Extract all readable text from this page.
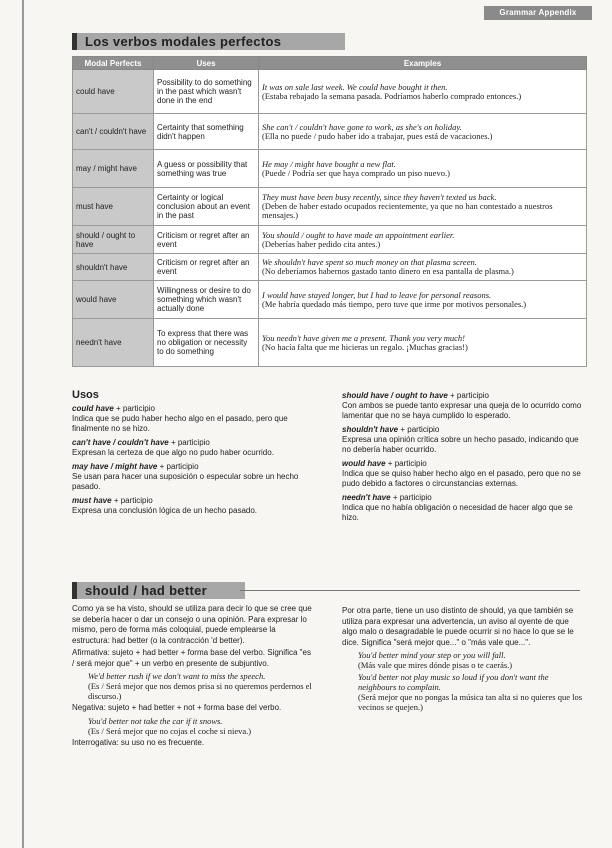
Grammar Appendix
Los verbos modales perfectos
Modal Perfects	Uses	Examples
could have	Possibility to do something in the past which wasn't done in the end	It was on sale last week. We could have bought it then.
(Estaba rebajado la semana pasada. Podríamos haberlo comprado entonces.)

can't / couldn't have	Certainty that something didn't happen	She can't / couldn't have gone to work, as she's on holiday.
(Ella no puede / pudo haber ido a trabajar, pues está de vacaciones.)

may / might have	A guess or possibility that something was true	He may / might have bought a new flat.
(Puede / Podría ser que haya comprado un piso nuevo.)

must have	Certainty or logical conclusion about an event in the past	They must have been busy recently, since they haven't texted us back.
(Deben de haber estado ocupados recientemente, ya que no han contestado a nuestros mensajes.)

should / ought to have	Criticism or regret after an event	You should / ought to have made an appointment earlier.
(Deberías haber pedido cita antes.)

shouldn't have	Criticism or regret after an event	We shouldn't have spent so much money on that plasma screen.
(No deberíamos habernos gastado tanto dinero en esa pantalla de plasma.)

would have	Willingness or desire to do something which wasn't actually done	I would have stayed longer, but I had to leave for personal reasons.
(Me habría quedado más tiempo, pero tuve que irme por motivos personales.)

needn't have	To express that there was no obligation or necessity to do something	You needn't have given me a present. Thank you very much!
(No hacía falta que me hicieras un regalo. ¡Muchas gracias!)
Usos
could have + participio
Indica que se pudo haber hecho algo en el pasado, pero que finalmente no se hizo.
can't have / couldn't have + participio
Expresan la certeza de que algo no pudo haber ocurrido.
may have / might have + participio
Se usan para hacer una suposición o especular sobre un hecho pasado.
must have + participio
Expresa una conclusión lógica de un hecho pasado.
should have / ought to have + participio
Con ambos se puede tanto expresar una queja de lo ocurrido como lamentar que no se haya cumplido lo esperado.
shouldn't have + participio
Expresa una opinión crítica sobre un hecho pasado, indicando que no debería haber ocurrido.
would have + participio
Indica que se quiso haber hecho algo en el pasado, pero que no se pudo debido a factores o circunstancias externas.
needn't have + participio
Indica que no había obligación o necesidad de hacer algo que se hizo.
should / had better

Como ya se ha visto, should se utiliza para decir lo que se cree que se debería hacer o dar un consejo o una opinión. Para expresar lo mismo, pero de forma más coloquial, puede emplearse la estructura: had better (o la contracción 'd better).

Afirmativa: sujeto + had better + forma base del verbo. Significa "es / será mejor que" + un verbo en presente de subjuntivo.

We'd better rush if we don't want to miss the speech.
(Es / Será mejor que nos demos prisa si no queremos perdernos el discurso.)

Negativa: sujeto + had better + not + forma base del verbo.

You'd better not take the car if it snows.
(Es / Será mejor que no cojas el coche si nieva.)

Interrogativa: su uso no es frecuente.

Por otra parte, tiene un uso distinto de should, ya que también se utiliza para expresar una advertencia, un aviso al oyente de que algo malo o desagradable le puede ocurrir si no hace lo que se le dice. Significa "será mejor que..." o "más vale que...".

You'd better mind your step or you will fall.
(Más vale que mires dónde pisas o te caerás.)
You'd better not play music so loud if you don't want the neighbours to complain.
(Será mejor que no pongas la música tan alta si no quieres que los vecinos se quejen.)
